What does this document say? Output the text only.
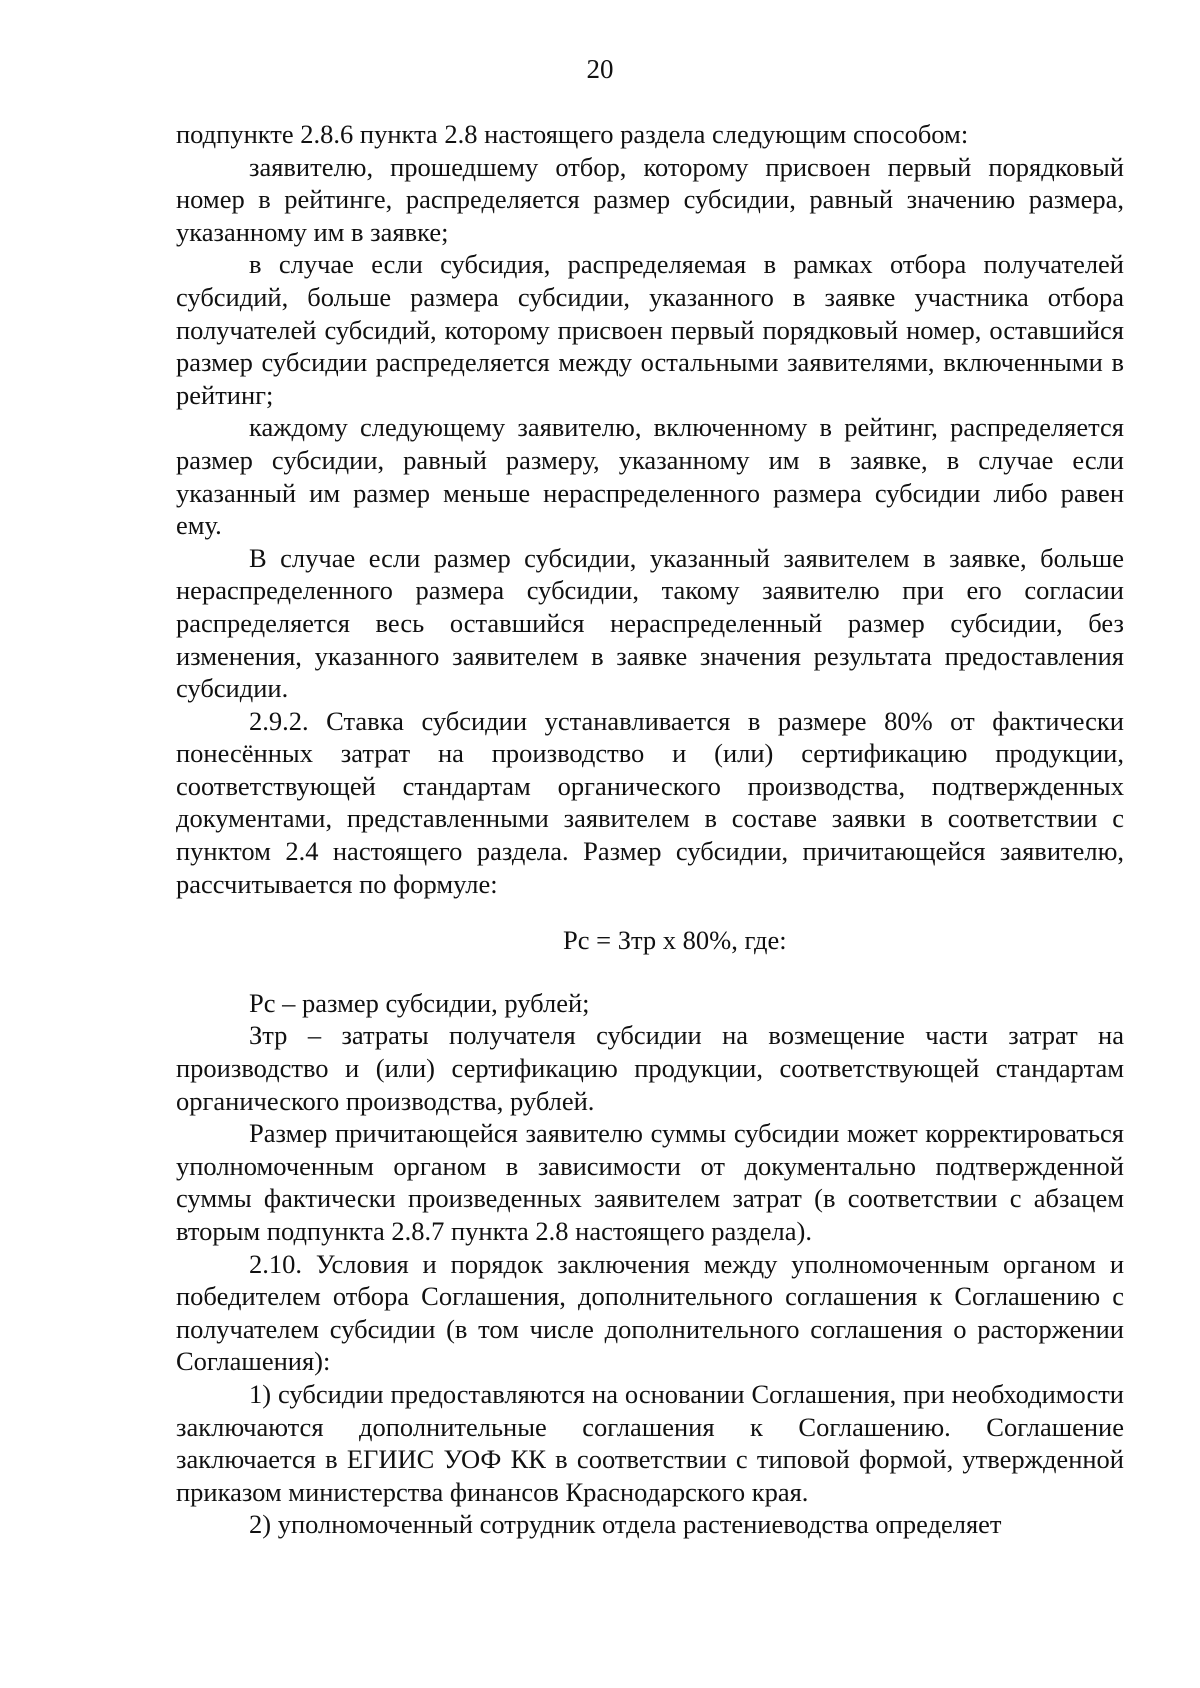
20

подпункте 2.8.6 пункта 2.8 настоящего раздела следующим способом:

заявителю, прошедшему отбор, которому присвоен первый порядковый номер в рейтинге, распределяется размер субсидии, равный значению размера, указанному им в заявке;

в случае если субсидия, распределяемая в рамках отбора получателей субсидий, больше размера субсидии, указанного в заявке участника отбора получателей субсидий, которому присвоен первый порядковый номер, оставшийся размер субсидии распределяется между остальными заявителями, включенными в рейтинг;

каждому следующему заявителю, включенному в рейтинг, распределяется размер субсидии, равный размеру, указанному им в заявке, в случае если указанный им размер меньше нераспределенного размера субсидии либо равен ему.

В случае если размер субсидии, указанный заявителем в заявке, больше нераспределенного размера субсидии, такому заявителю при его согласии распределяется весь оставшийся нераспределенный размер субсидии, без изменения, указанного заявителем в заявке значения результата предоставления субсидии.

2.9.2. Ставка субсидии устанавливается в размере 80% от фактически понесённых затрат на производство и (или) сертификацию продукции, соответствующей стандартам органического производства, подтвержденных документами, представленными заявителем в составе заявки в соответствии с пунктом 2.4 настоящего раздела. Размер субсидии, причитающейся заявителю, рассчитывается по формуле:

Рс = Зтр х 80%, где:

Рс – размер субсидии, рублей;

Зтр – затраты получателя субсидии на возмещение части затрат на производство и (или) сертификацию продукции, соответствующей стандартам органического производства, рублей.

Размер причитающейся заявителю суммы субсидии может корректироваться уполномоченным органом в зависимости от документально подтвержденной суммы фактически произведенных заявителем затрат (в соответствии с абзацем вторым подпункта 2.8.7 пункта 2.8 настоящего раздела).

2.10. Условия и порядок заключения между уполномоченным органом и победителем отбора Соглашения, дополнительного соглашения к Соглашению с получателем субсидии (в том числе дополнительного соглашения о расторжении Соглашения):

1) субсидии предоставляются на основании Соглашения, при необходимости заключаются дополнительные соглашения к Соглашению. Соглашение заключается в ЕГИИС УОФ КК в соответствии с типовой формой, утвержденной приказом министерства финансов Краснодарского края.

2) уполномоченный сотрудник отдела растениеводства определяет
